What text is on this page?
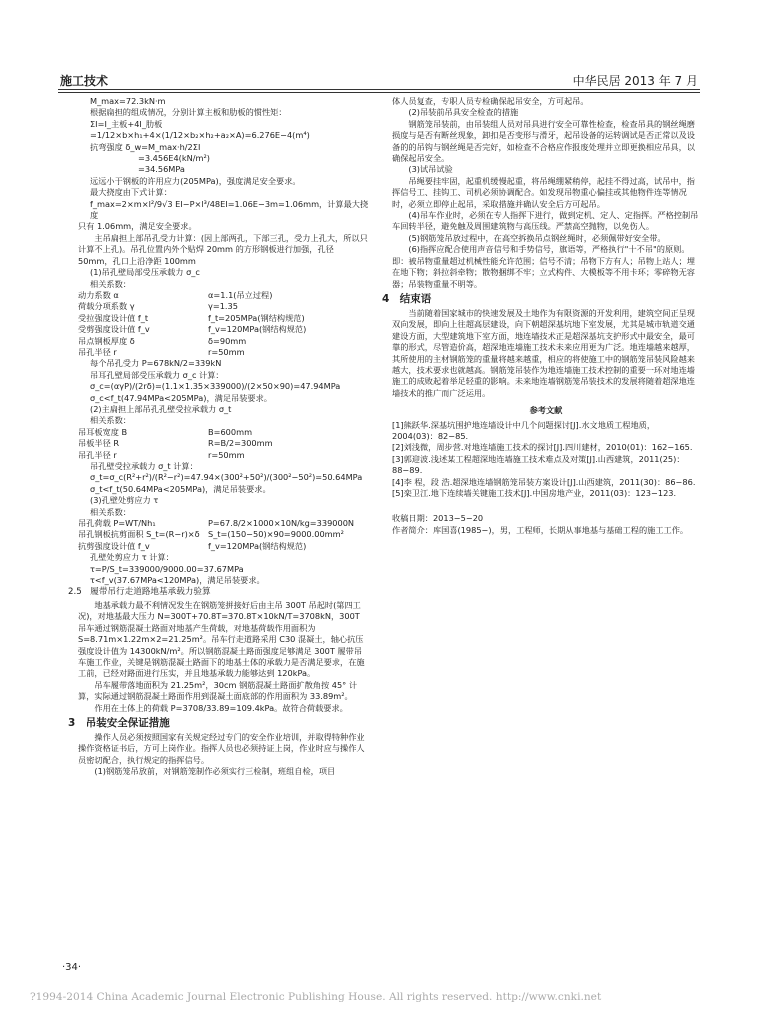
施工技术	中华民居 2013 年 7 月

M_max=72.3kN·m

根据扁担的组成情况，分别计算主板和肋板的惯性矩：

ΣI=I_主板+4I_肋板=1/12×b×h₁+4×(1/12×b₂×h₂+a₂×A)=6.276E−4(m⁴)

抗弯强度 δ_w=M_max·h/2ΣI

=3.456E4(kN/m²)

=34.56MPa

远远小于钢板的许用应力(205MPa)，强度满足安全要求。

最大挠度由下式计算：

f_max=2×m×l²/9√3 EI−P×l³/48EI=1.06E−3m=1.06mm，计算最大挠度

只有 1.06mm，满足安全要求。

主吊扁担上部吊孔受力计算：(因上部两孔，下部三孔，受力上孔大，所以只计算不上孔)。吊孔位置内外个贴焊 20mm 的方形钢板进行加强，孔径 50mm，孔口上沿净距 100mm

(1)吊孔壁局部受压承载力 σ_c

相关系数：

动力系数 α	α=1.1(吊立过程)
荷载分项系数 γ	γ=1.35
受拉强度设计值 f_t	f_t=205MPa(钢结构规范)
受剪强度设计值 f_v	f_v=120MPa(钢结构规范)
吊点钢板厚度 δ	δ=90mm
吊孔半径 r	r=50mm

每个吊孔受力 P=678kN/2=339kN

吊耳孔壁局部受压承载力 σ_c 计算：

σ_c=(αγP)/(2rδ)=(1.1×1.35×339000)/(2×50×90)=47.94MPa

σ_c<f_t(47.94MPa<205MPa)，满足吊装要求。

(2)主扁担上部吊孔孔壁受拉承载力 σ_t

相关系数：

吊耳板宽度 B	B=600mm
吊板半径 R	R=B/2=300mm
吊孔半径 r	r=50mm

吊孔壁受拉承载力 σ_t 计算：

σ_t=σ_c(R²+r²)/(R²−r²)=47.94×(300²+50²)/(300²−50²)=50.64MPa

σ_t<f_t(50.64MPa<205MPa)，满足吊装要求。

(3)孔壁处剪应力 τ

相关系数：

吊孔荷载 P=WT/Nh₁	P=67.8/2×1000×10N/kg=339000N
吊孔钢板抗剪面积 S_t=(R−r)×δ	S_t=(150−50)×90=9000.00mm²
抗剪强度设计值 f_v	f_v=120MPa(钢结构规范)

孔壁处剪应力 τ 计算：

τ=P/S_t=339000/9000.00=37.67MPa

τ<f_v(37.67MPa<120MPa)，满足吊装要求。

2.5　履带吊行走道路地基承载力验算

地基承载力最不利情况发生在钢筋笼拼接好后由主吊 300T 吊起时(第四工况)，对地基最大压力 N=300T+70.8T=370.8T×10kN/T=3708kN，300T 吊车通过钢筋混凝土路面对地基产生荷载，对地基荷载作用面积为 S=8.71m×1.22m×2=21.25m²。吊车行走道路采用 C30 混凝土，轴心抗压强度设计值为 14300kN/m²。所以钢筋混凝土路面强度足够满足 300T 履带吊车施工作业，关键是钢筋混凝土路面下的地基土体的承载力是否满足要求，在施工前，已经对路面进行压实，并且地基承载力能够达到 120kPa。

吊车履带落地面积为 21.25m²，30cm 钢筋混凝土路面扩散角按 45° 计算，实际通过钢筋混凝土路面作用到混凝土面底部的作用面积为 33.89m²。

作用在土体上的荷载 P=3708/33.89=109.4kPa。故符合荷载要求。

3　吊装安全保证措施

操作人员必须按照国家有关规定经过专门的安全作业培训，并取得特种作业操作资格证书后，方可上岗作业。指挥人员也必须持证上岗，作业时应与操作人员密切配合，执行规定的指挥信号。

(1)钢筋笼吊放前，对钢筋笼制作必须实行三检制，班组自检，项目

体人员复查，专职人员专检确保起吊安全，方可起吊。

(2)吊装前吊具安全检查的措施

钢筋笼吊装前，由吊装组人员对吊具进行安全可靠性检查，检查吊具的钢丝绳磨损度与是否有断丝现象，卸扣是否变形与滑牙，起吊设备的运转调试是否正常以及设备的的吊钩与钢丝绳是否完好，如检查不合格应作报废处理并立即更换相应吊具，以确保起吊安全。

(3)试吊试验

吊绳要挂牢固，起重机缓慢起重，将吊绳绷紧稍停，起挂不得过高，试吊中，指挥信号工、挂钩工、司机必须协调配合。如发现吊物重心偏挂或其他物件连等情况时，必须立即停止起吊，采取措施并确认安全后方可起吊。

(4)吊车作业时，必须在专人指挥下进行，做到定机、定人、定指挥。严格控制吊车回转半径，避免触及周围建筑物与高压线。严禁高空抛物，以免伤人。

(5)钢筋笼吊放过程中，在高空拆换吊点钢丝绳时，必须佩带好安全带。

(6)指挥应配合使用声音信号和手势信号，旗语等，严格执行"十不吊"的原则。即：被吊物重量超过机械性能允许范围；信号不清；吊物下方有人；吊物上站人；埋在地下物；斜拉斜牵物；散物捆绑不牢；立式构件、大模板等不用卡环；零碎物无容器；吊装物重量不明等。

4　结束语

当前随着国家城市的快速发展及土地作为有限资源的开发利用，建筑空间正呈现双向发展，即向上往超高层建设，向下朝超深基坑地下室发展，尤其是城市轨道交通建设方面，大型建筑地下室方面，地连墙技术正是超深基坑支护形式中最安全，最可靠的形式，尽管造价高，超深地连墙施工技术未来应用更为广泛。地连墙越来越厚，其所使用的主材钢筋笼的重量将越来越重，相应的将使施工中的钢筋笼吊装风险越来越大，技术要求也就越高。钢筋笼吊装作为地连墙施工技术控制的重要一环对地连墙施工的成败起着举足轻重的影响。未来地连墙钢筋笼吊装技术的发展将随着超深地连墙技术的推广而广泛运用。

参考文献

[1]熊跃华.深基坑围护地连墙设计中几个问题探讨[J].水文地质工程地质，2004(03)：82−85.

[2]刘浅微，周步营.对地连墙施工技术的探讨[J].四川建材，2010(01)：162−165.

[3]郭迎波.浅述某工程超深地连墙施工技术难点及对策[J].山西建筑，2011(25)：88−89.

[4]李 程，段 浩.超深地连墙钢筋笼吊装方案设计[J].山西建筑，2011(30)：86−86.

[5]栾卫江.地下连续墙关键施工技术[J].中国房地产业，2011(03)：123−123.

收稿日期：2013−5−20

作者简介：库国喜(1985−)，男，工程师，长期从事地基与基础工程的施工工作。

·34·
?1994-2014 China Academic Journal Electronic Publishing House. All rights reserved. http://www.cnki.net
